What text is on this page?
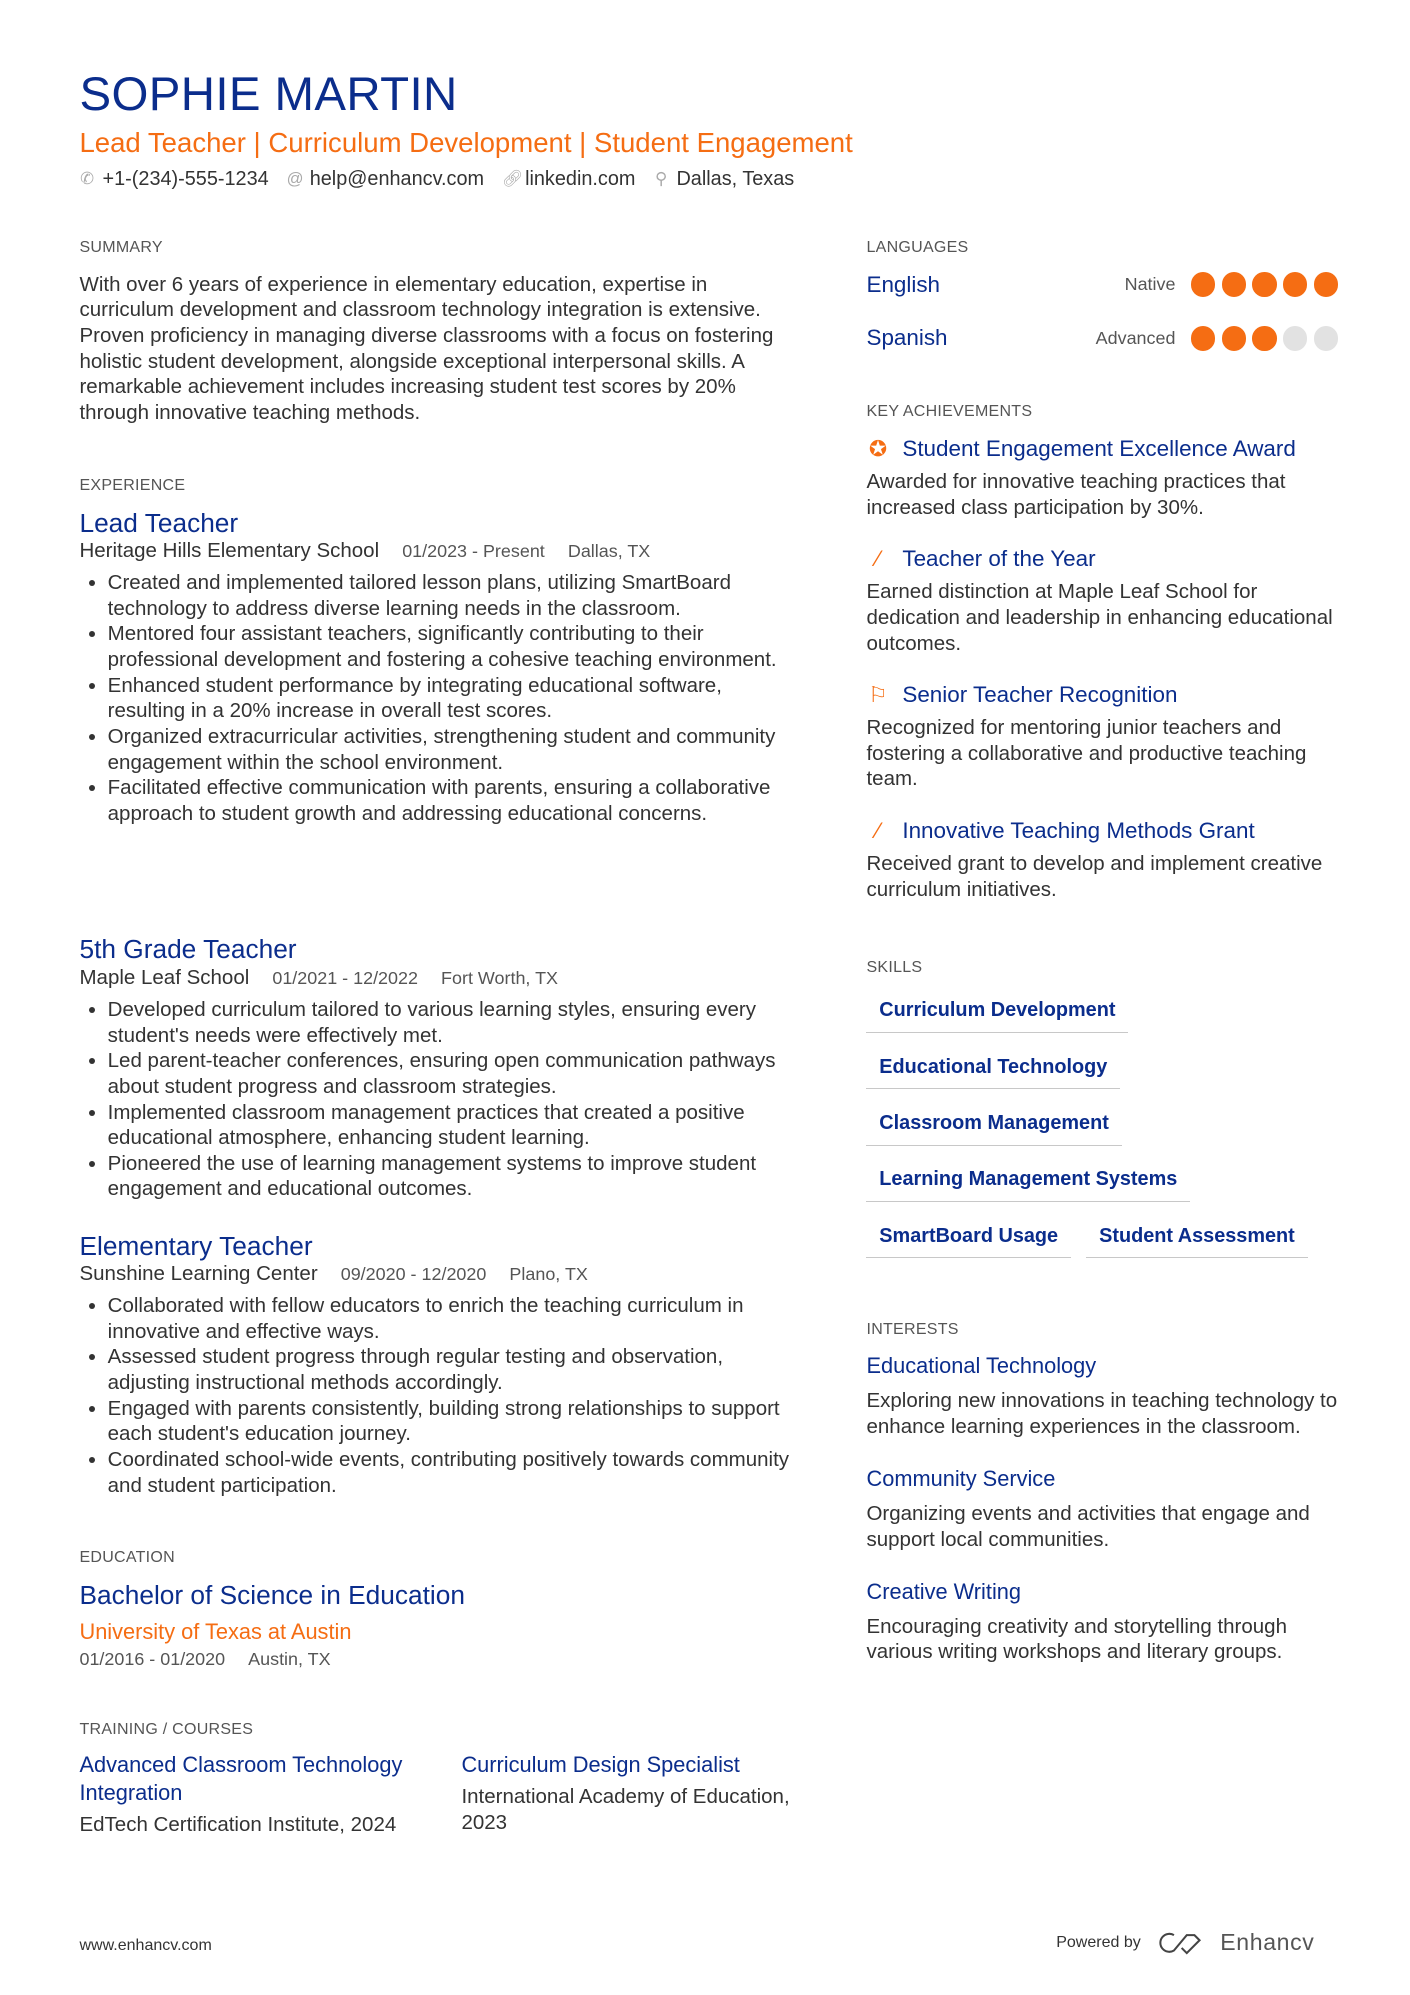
SOPHIE MARTIN
Lead Teacher | Curriculum Development | Student Engagement
✆ +1-(234)-555-1234 @ help@enhancv.com 🔗︎ linkedin.com ⚲ Dallas, Texas
SUMMARY
With over 6 years of experience in elementary education, expertise in curriculum development and classroom technology integration is extensive. Proven proficiency in managing diverse classrooms with a focus on fostering holistic student development, alongside exceptional interpersonal skills. A remarkable achievement includes increasing student test scores by 20% through innovative teaching methods.
EXPERIENCE
Lead Teacher
Heritage Hills Elementary School 01/2023 - Present Dallas, TX
• Created and implemented tailored lesson plans, utilizing SmartBoard technology to address diverse learning needs in the classroom.
• Mentored four assistant teachers, significantly contributing to their professional development and fostering a cohesive teaching environment.
• Enhanced student performance by integrating educational software, resulting in a 20% increase in overall test scores.
• Organized extracurricular activities, strengthening student and community engagement within the school environment.
• Facilitated effective communication with parents, ensuring a collaborative approach to student growth and addressing educational concerns.
5th Grade Teacher
Maple Leaf School 01/2021 - 12/2022 Fort Worth, TX
• Developed curriculum tailored to various learning styles, ensuring every student's needs were effectively met.
• Led parent-teacher conferences, ensuring open communication pathways about student progress and classroom strategies.
• Implemented classroom management practices that created a positive educational atmosphere, enhancing student learning.
• Pioneered the use of learning management systems to improve student engagement and educational outcomes.
Elementary Teacher
Sunshine Learning Center 09/2020 - 12/2020 Plano, TX
• Collaborated with fellow educators to enrich the teaching curriculum in innovative and effective ways.
• Assessed student progress through regular testing and observation, adjusting instructional methods accordingly.
• Engaged with parents consistently, building strong relationships to support each student's education journey.
• Coordinated school-wide events, contributing positively towards community and student participation.
EDUCATION
Bachelor of Science in Education
University of Texas at Austin
01/2016 - 01/2020 Austin, TX
TRAINING / COURSES
Advanced Classroom Technology Integration
EdTech Certification Institute, 2024
Curriculum Design Specialist
International Academy of Education, 2023
LANGUAGES
English	Native
Spanish	Advanced
KEY ACHIEVEMENTS
✪ Student Engagement Excellence Award
Awarded for innovative teaching practices that increased class participation by 30%.
⁄	Teacher of the Year
Earned distinction at Maple Leaf School for dedication and leadership in enhancing educational outcomes.
⚐ Senior Teacher Recognition
Recognized for mentoring junior teachers and fostering a collaborative and productive teaching team.
⁄	Innovative Teaching Methods Grant
Received grant to develop and implement creative curriculum initiatives.
SKILLS
Curriculum Development
Educational Technology
Classroom Management
Learning Management Systems
SmartBoard Usage	Student Assessment
INTERESTS
Educational Technology
Exploring new innovations in teaching technology to enhance learning experiences in the classroom.
Community Service
Organizing events and activities that engage and support local communities.
Creative Writing
Encouraging creativity and storytelling through various writing workshops and literary groups.
www.enhancv.com	Powered by	Enhancv
